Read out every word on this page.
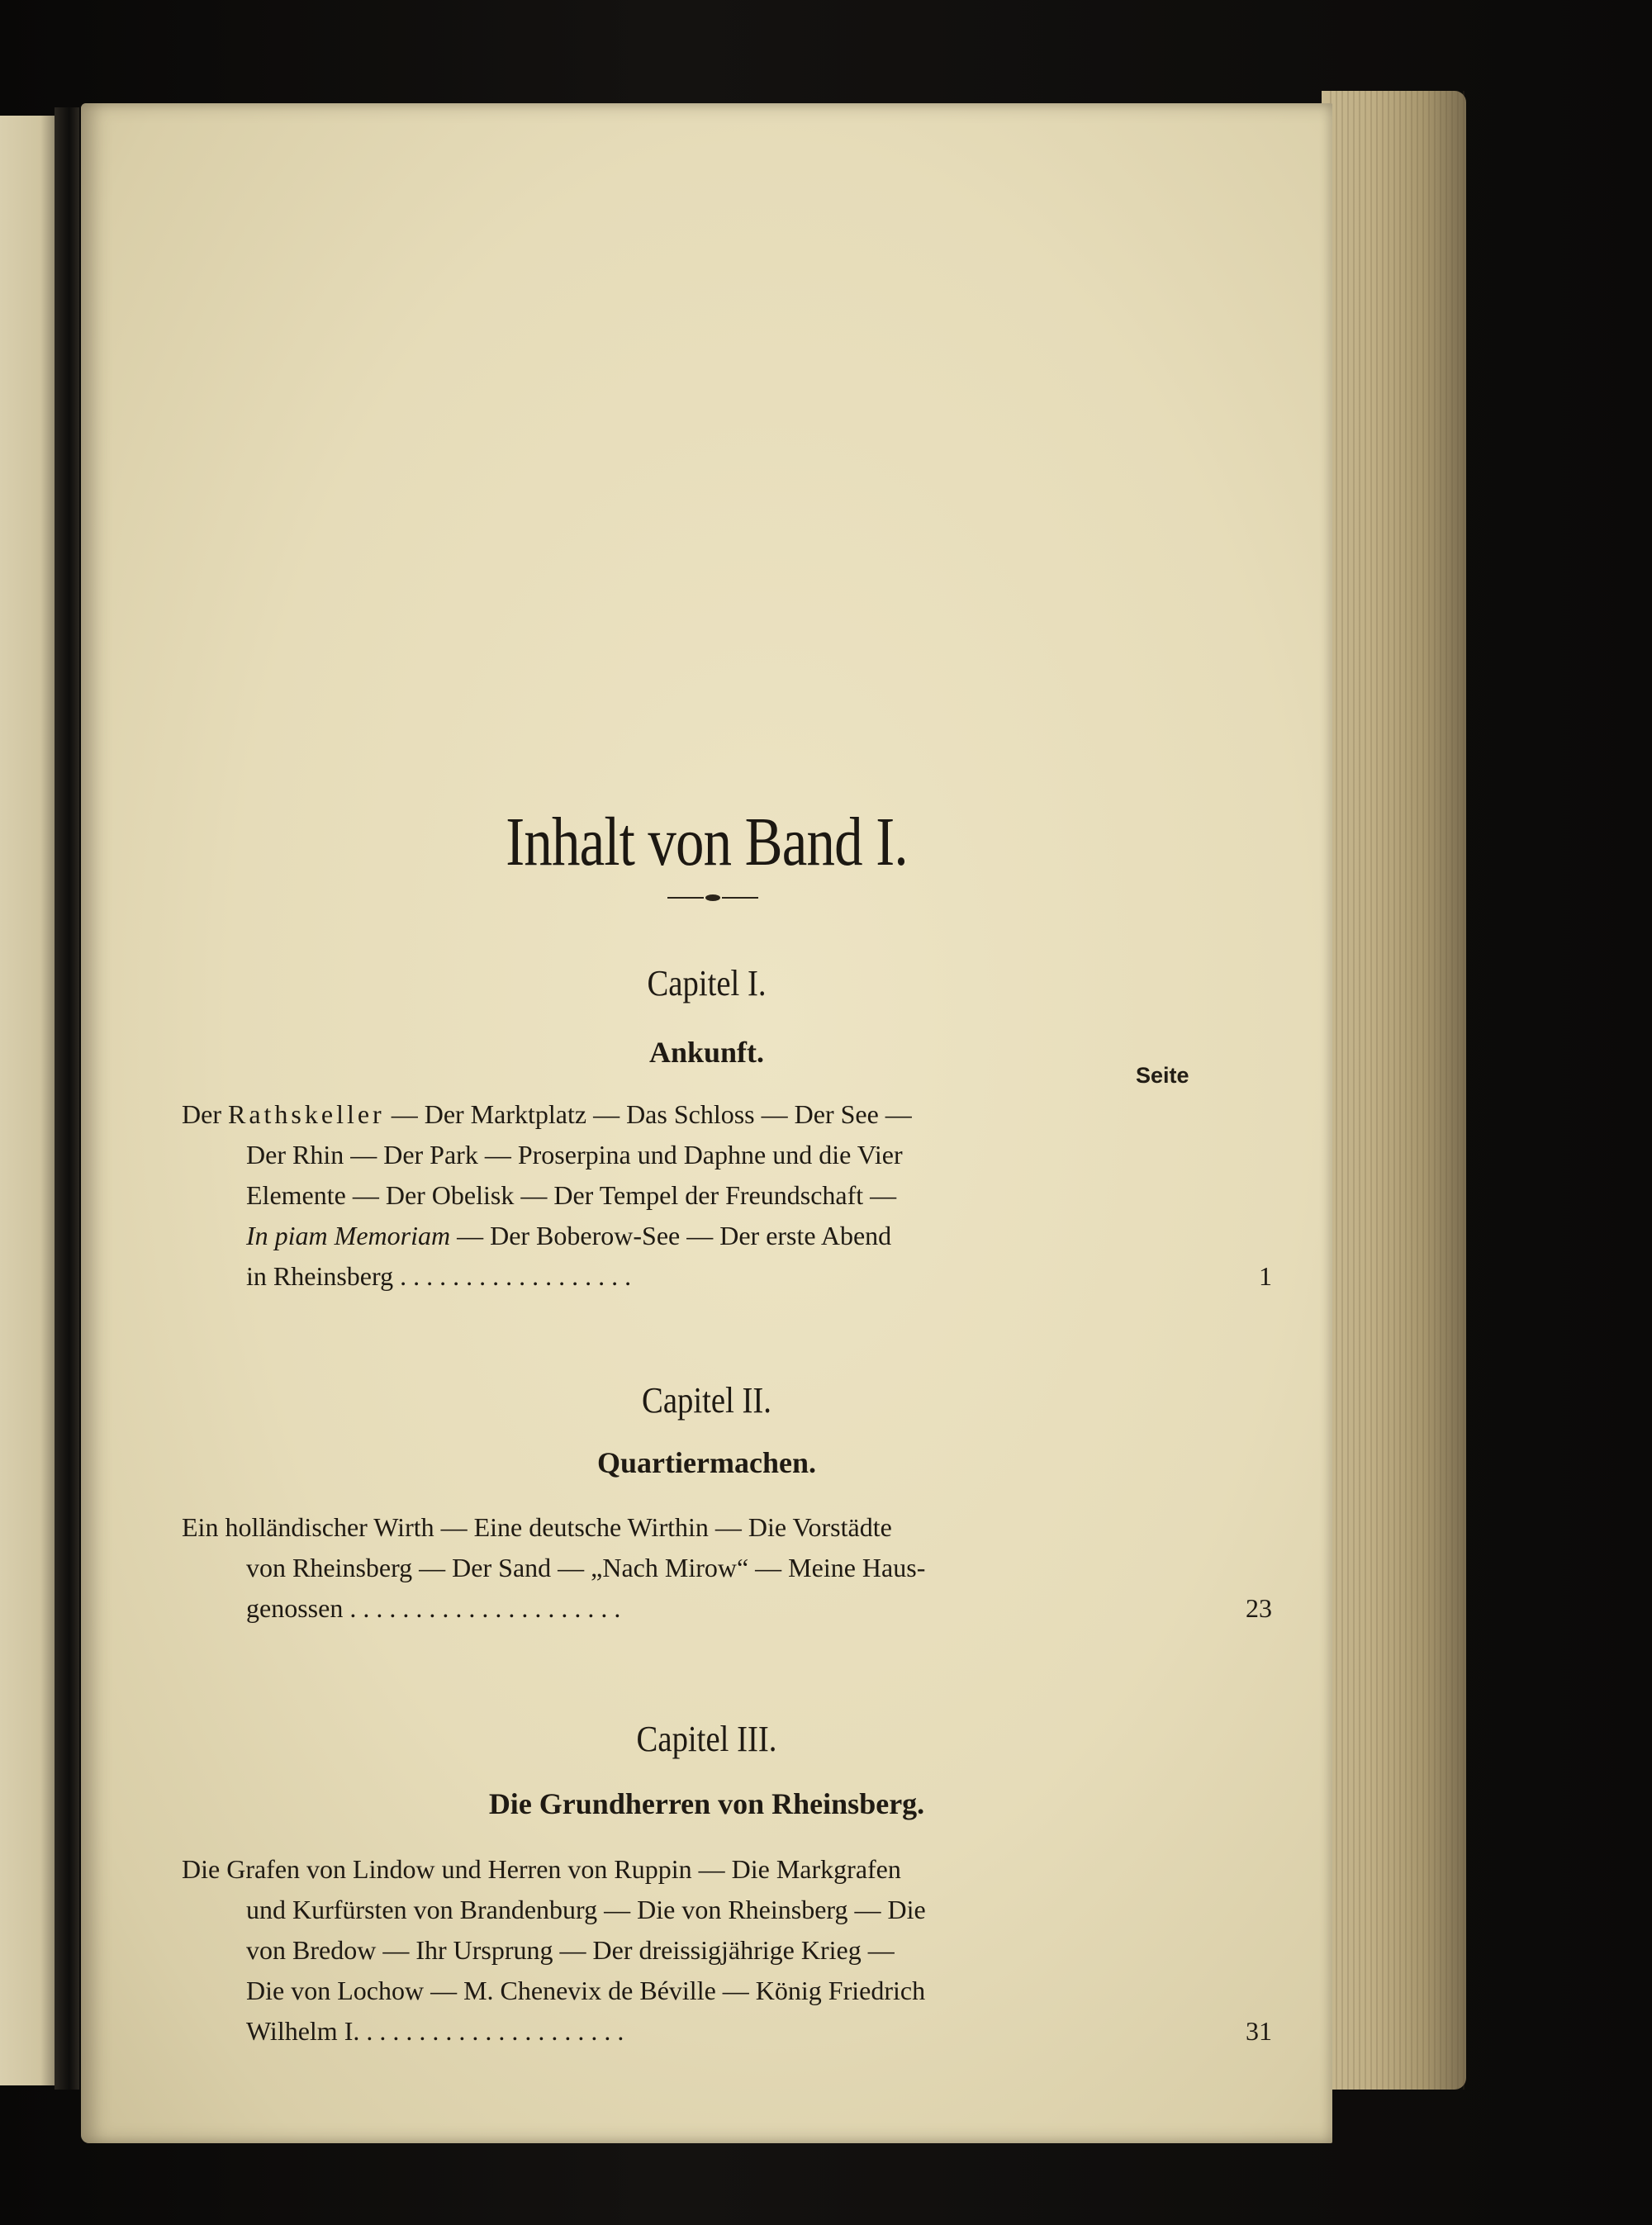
Inhalt von Band I.
Capitel I.
Ankunft.
Seite
Der Rathskeller — Der Marktplatz — Das Schloss — Der See —
Der Rhin — Der Park — Proserpina und Daphne und die Vier
Elemente — Der Obelisk — Der Tempel der Freundschaft —
In piam Memoriam — Der Boberow-See — Der erste Abend
in Rheinsberg . . . . . . . . . . . . . . . . . .	1
Capitel II.
Quartiermachen.
Ein holländischer Wirth — Eine deutsche Wirthin — Die Vorstädte
von Rheinsberg — Der Sand — „Nach Mirow“ — Meine Haus-
genossen . . . . . . . . . . . . . . . . . . . . .	23
Capitel III.
Die Grundherren von Rheinsberg.
Die Grafen von Lindow und Herren von Ruppin — Die Markgrafen
und Kurfürsten von Brandenburg — Die von Rheinsberg — Die
von Bredow — Ihr Ursprung — Der dreissigjährige Krieg —
Die von Lochow — M. Chenevix de Béville — König Friedrich
Wilhelm I. . . . . . . . . . . . . . . . . . . . .	31
